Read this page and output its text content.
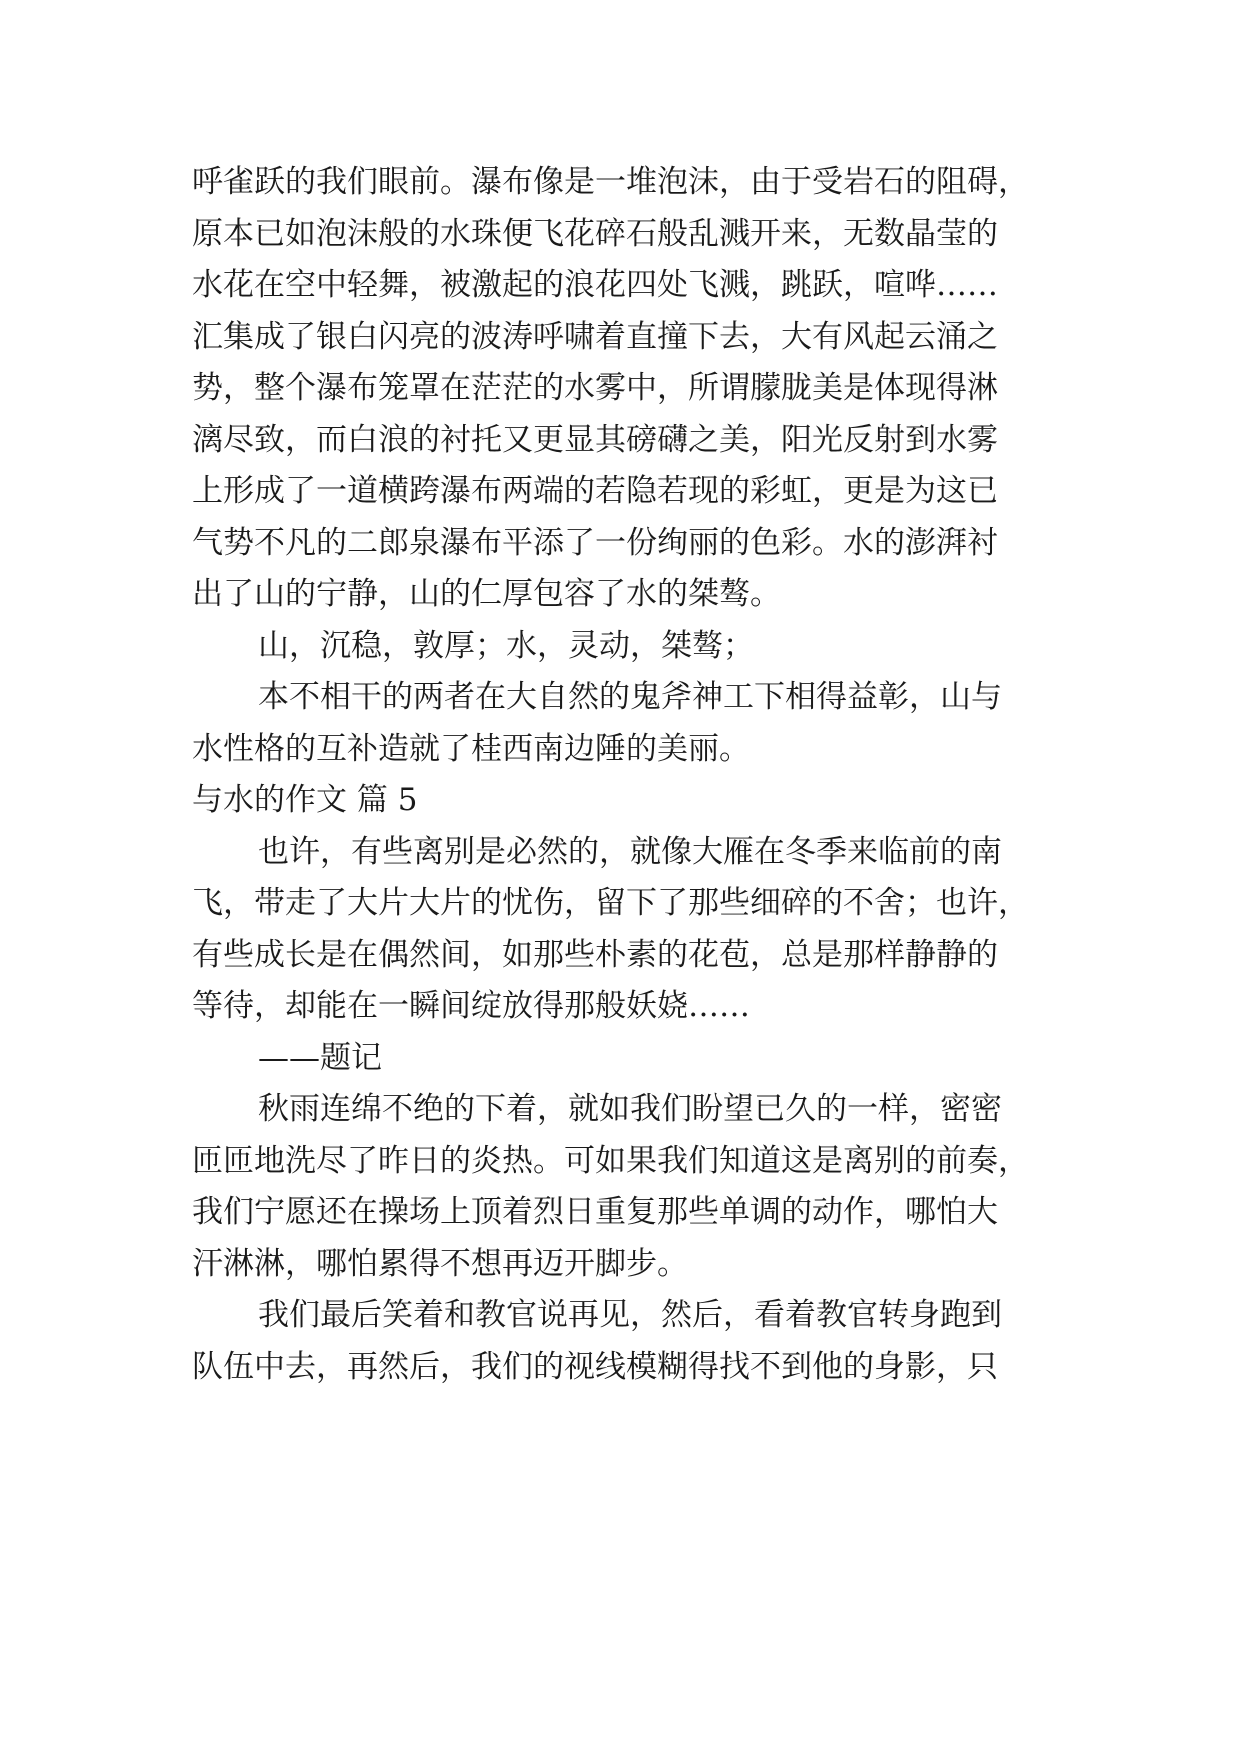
呼雀跃的我们眼前。瀑布像是一堆泡沫，由于受岩石的阻碍，
原本已如泡沫般的水珠便飞花碎石般乱溅开来，无数晶莹的
水花在空中轻舞，被激起的浪花四处飞溅，跳跃，喧哗……
汇集成了银白闪亮的波涛呼啸着直撞下去，大有风起云涌之
势，整个瀑布笼罩在茫茫的水雾中，所谓朦胧美是体现得淋
漓尽致，而白浪的衬托又更显其磅礴之美，阳光反射到水雾
上形成了一道横跨瀑布两端的若隐若现的彩虹，更是为这已
气势不凡的二郎泉瀑布平添了一份绚丽的色彩。水的澎湃衬
出了山的宁静，山的仁厚包容了水的桀骜。
山，沉稳，敦厚；水，灵动，桀骜；
本不相干的两者在大自然的鬼斧神工下相得益彰，山与
水性格的互补造就了桂西南边陲的美丽。
与水的作文 篇 5
也许，有些离别是必然的，就像大雁在冬季来临前的南
飞，带走了大片大片的忧伤，留下了那些细碎的不舍；也许，
有些成长是在偶然间，如那些朴素的花苞，总是那样静静的
等待，却能在一瞬间绽放得那般妖娆……
——题记
秋雨连绵不绝的下着，就如我们盼望已久的一样，密密
匝匝地洗尽了昨日的炎热。可如果我们知道这是离别的前奏，
我们宁愿还在操场上顶着烈日重复那些单调的动作，哪怕大
汗淋淋，哪怕累得不想再迈开脚步。
我们最后笑着和教官说再见，然后，看着教官转身跑到
队伍中去，再然后，我们的视线模糊得找不到他的身影，只
